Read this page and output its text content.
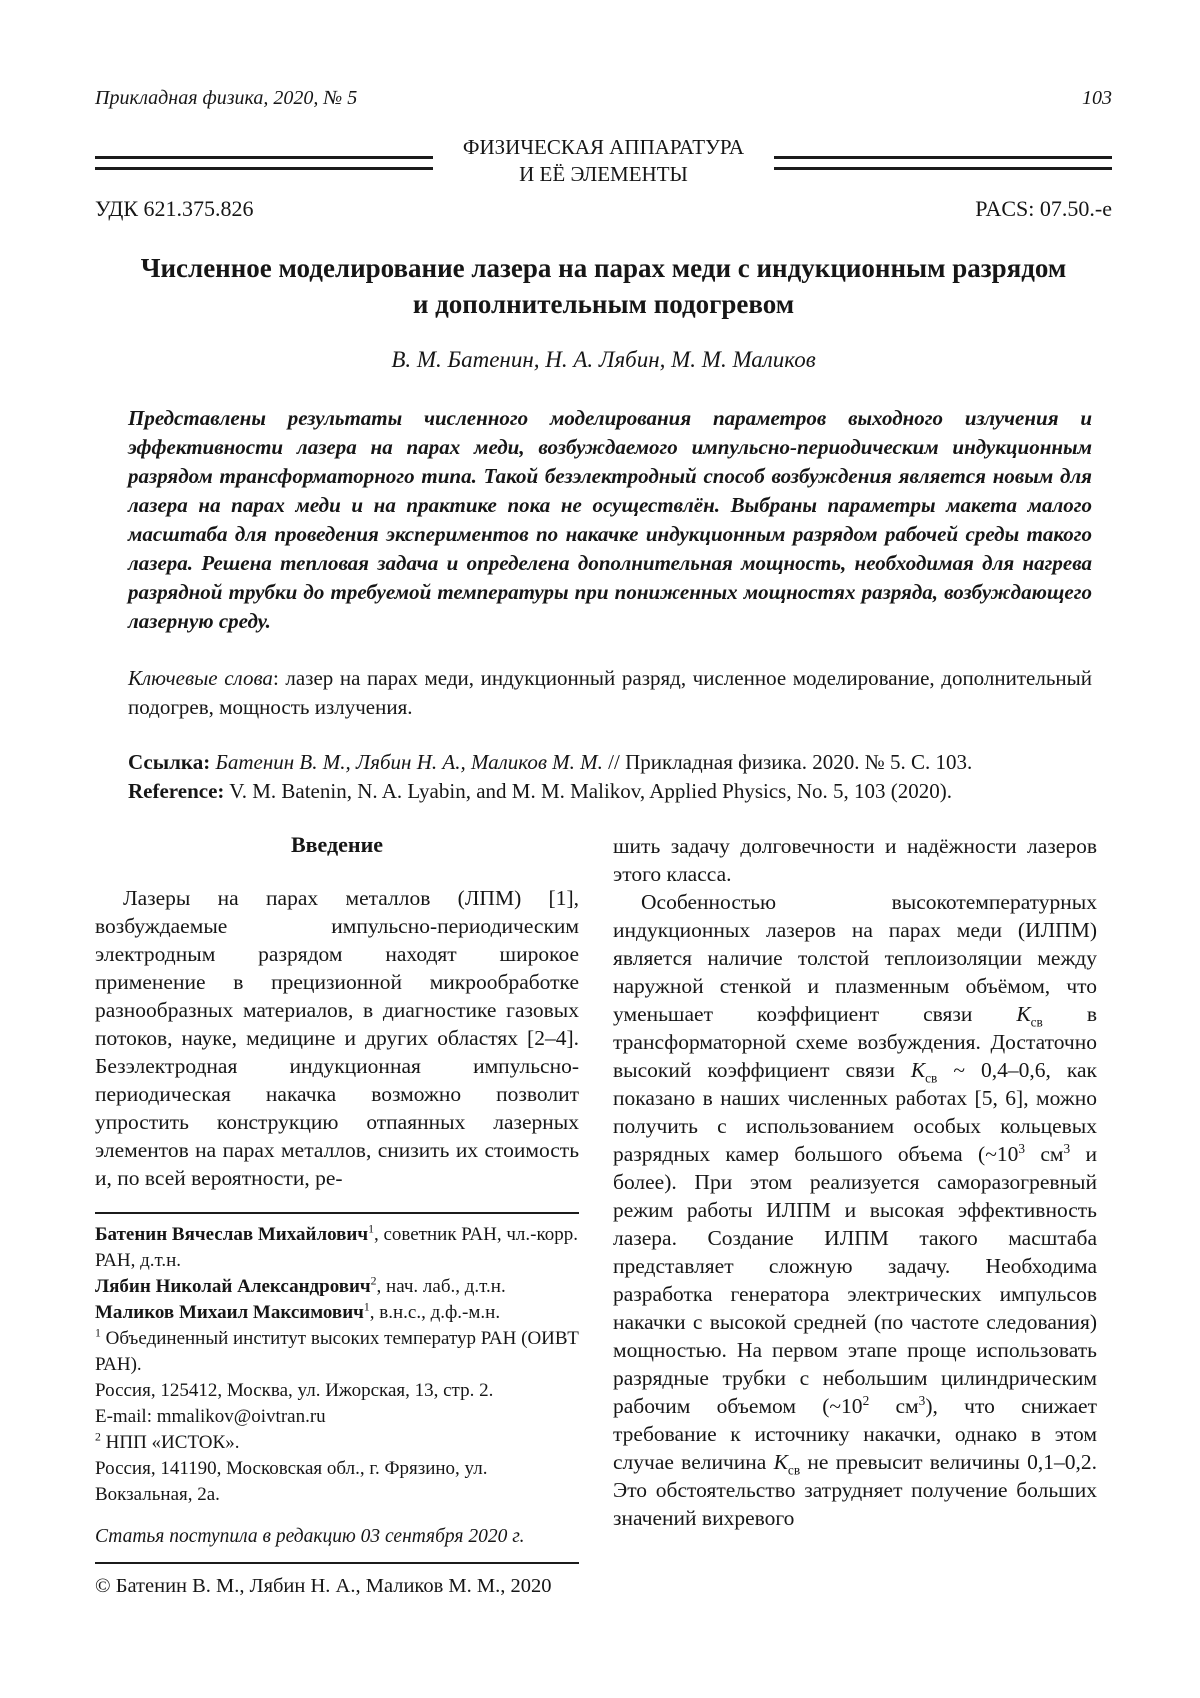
Прикладная физика, 2020, № 5	103
ФИЗИЧЕСКАЯ АППАРАТУРА
И ЕЁ ЭЛЕМЕНТЫ
УДК 621.375.826	PACS: 07.50.-e
Численное моделирование лазера на парах меди с индукционным разрядом
и дополнительным подогревом
В. М. Батенин, Н. А. Лябин, М. М. Маликов

Представлены результаты численного моделирования параметров выходного излучения и эффективности лазера на парах меди, возбуждаемого импульсно-периодическим индукционным разрядом трансформаторного типа. Такой безэлектродный способ возбуждения является новым для лазера на парах меди и на практике пока не осуществлён. Выбраны параметры макета малого масштаба для проведения экспериментов по накачке индукционным разрядом рабочей среды такого лазера. Решена тепловая задача и определена дополнительная мощность, необходимая для нагрева разрядной трубки до требуемой температуры при пониженных мощностях разряда, возбуждающего лазерную среду.

Ключевые слова: лазер на парах меди, индукционный разряд, численное моделирование, дополнительный подогрев, мощность излучения.

Ссылка: Батенин В. М., Лябин Н. А., Маликов М. М. // Прикладная физика. 2020. № 5. С. 103.

Reference: V. M. Batenin, N. A. Lyabin, and M. M. Malikov, Applied Physics, No. 5, 103 (2020).

Введение

Лазеры на парах металлов (ЛПМ) [1], возбуждаемые импульсно-периодическим электродным разрядом находят широкое применение в прецизионной микрообработке разнообразных материалов, в диагностике газовых потоков, науке, медицине и других областях [2–4]. Безэлектродная индукционная импульсно-периодическая накачка возможно позволит упростить конструкцию отпаянных лазерных элементов на парах металлов, снизить их стоимость и, по всей вероятности, ре-

Батенин Вячеслав Михайлович$^1$, советник РАН, чл.-корр. РАН, д.т.н.
Лябин Николай Александрович$^2$, нач. лаб., д.т.н.
Маликов Михаил Максимович$^1$, в.н.с., д.ф.-м.н.
$^1$ Объединенный институт высоких температур РАН (ОИВТ РАН).
Россия, 125412, Москва, ул. Ижорская, 13, стр. 2.
E-mail: mmalikov@oivtran.ru
$^2$ НПП «ИСТОК».
Россия, 141190, Московская обл., г. Фрязино, ул. Вокзальная, 2а.

Статья поступила в редакцию 03 сентября 2020 г.

© Батенин В. М., Лябин Н. А., Маликов М. М., 2020

шить задачу долговечности и надёжности лазеров этого класса.

Особенностью высокотемпературных индукционных лазеров на парах меди (ИЛПМ) является наличие толстой теплоизоляции между наружной стенкой и плазменным объёмом, что уменьшает коэффициент связи $К_{св}$ в трансформаторной схеме возбуждения. Достаточно высокий коэффициент связи $К_{св}$ ~ 0,4–0,6, как показано в наших численных работах [5, 6], можно получить с использованием особых кольцевых разрядных камер большого объема ($\sim 10^3$ $см^3$ и более). При этом реализуется саморазогревный режим работы ИЛПМ и высокая эффективность лазера. Создание ИЛПМ такого масштаба представляет сложную задачу. Необходима разработка генератора электрических импульсов накачки с высокой средней (по частоте следования) мощностью. На первом этапе проще использовать разрядные трубки с небольшим цилиндрическим рабочим объемом ($\sim 10^2$ $см^3$), что снижает требование к источнику накачки, однако в этом случае величина $К_{св}$ не превысит величины 0,1–0,2. Это обстоятельство затрудняет получение больших значений вихревого
